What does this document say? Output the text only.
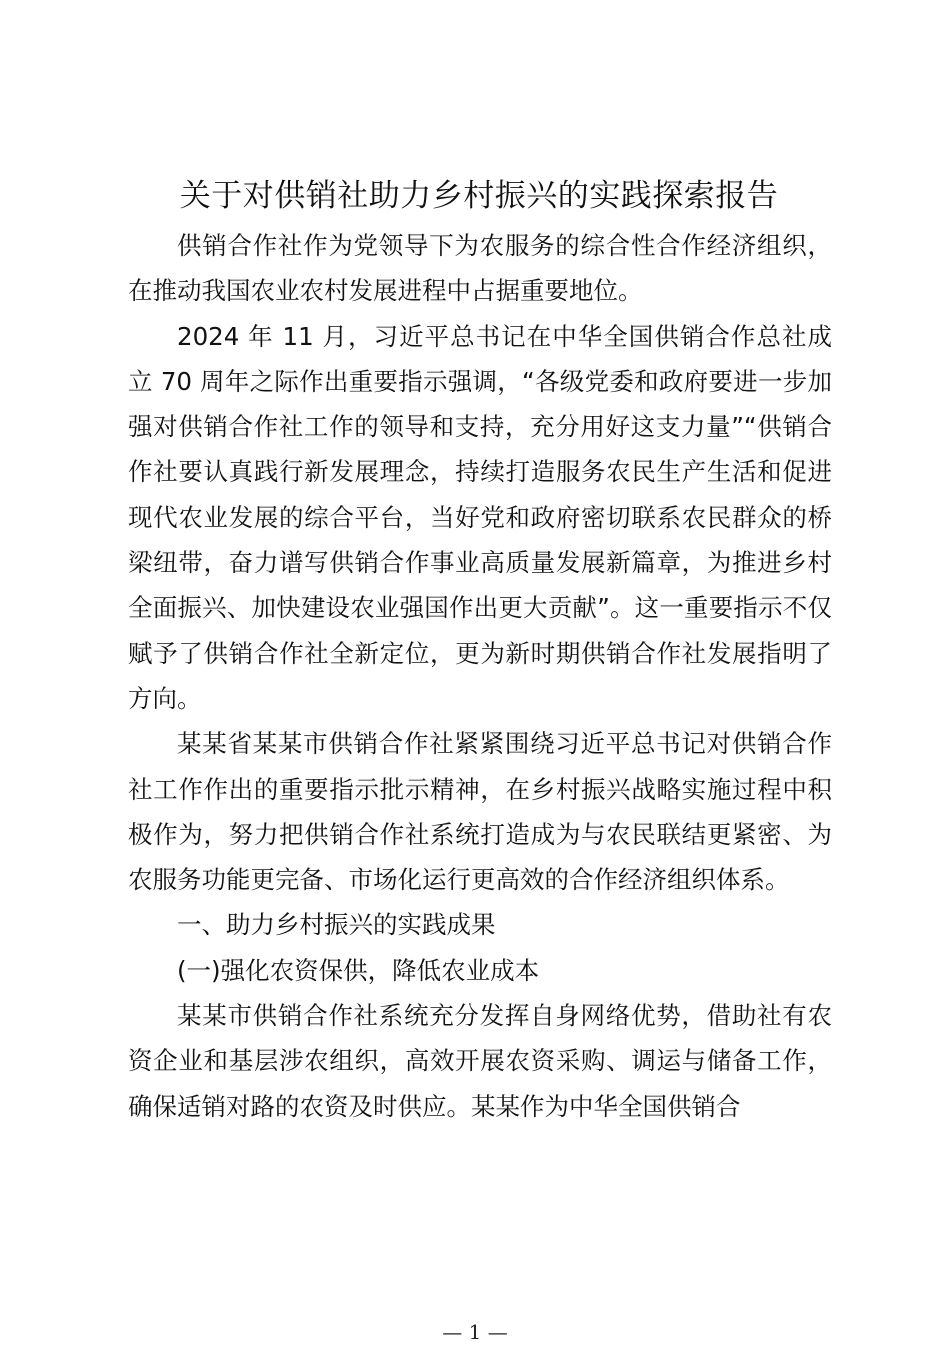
关于对供销社助力乡村振兴的实践探索报告

供销合作社作为党领导下为农服务的综合性合作经济组织，在推动我国农业农村发展进程中占据重要地位。

2024 年 11 月，习近平总书记在中华全国供销合作总社成立 70 周年之际作出重要指示强调，“各级党委和政府要进一步加强对供销合作社工作的领导和支持，充分用好这支力量”“供销合作社要认真践行新发展理念，持续打造服务农民生产生活和促进现代农业发展的综合平台，当好党和政府密切联系农民群众的桥梁纽带，奋力谱写供销合作事业高质量发展新篇章，为推进乡村全面振兴、加快建设农业强国作出更大贡献”。这一重要指示不仅赋予了供销合作社全新定位，更为新时期供销合作社发展指明了方向。

某某省某某市供销合作社紧紧围绕习近平总书记对供销合作社工作作出的重要指示批示精神，在乡村振兴战略实施过程中积极作为，努力把供销合作社系统打造成为与农民联结更紧密、为农服务功能更完备、市场化运行更高效的合作经济组织体系。

一、助力乡村振兴的实践成果

(一)强化农资保供，降低农业成本

某某市供销合作社系统充分发挥自身网络优势，借助社有农资企业和基层涉农组织，高效开展农资采购、调运与储备工作，确保适销对路的农资及时供应。某某作为中华全国供销合

— 1 —
